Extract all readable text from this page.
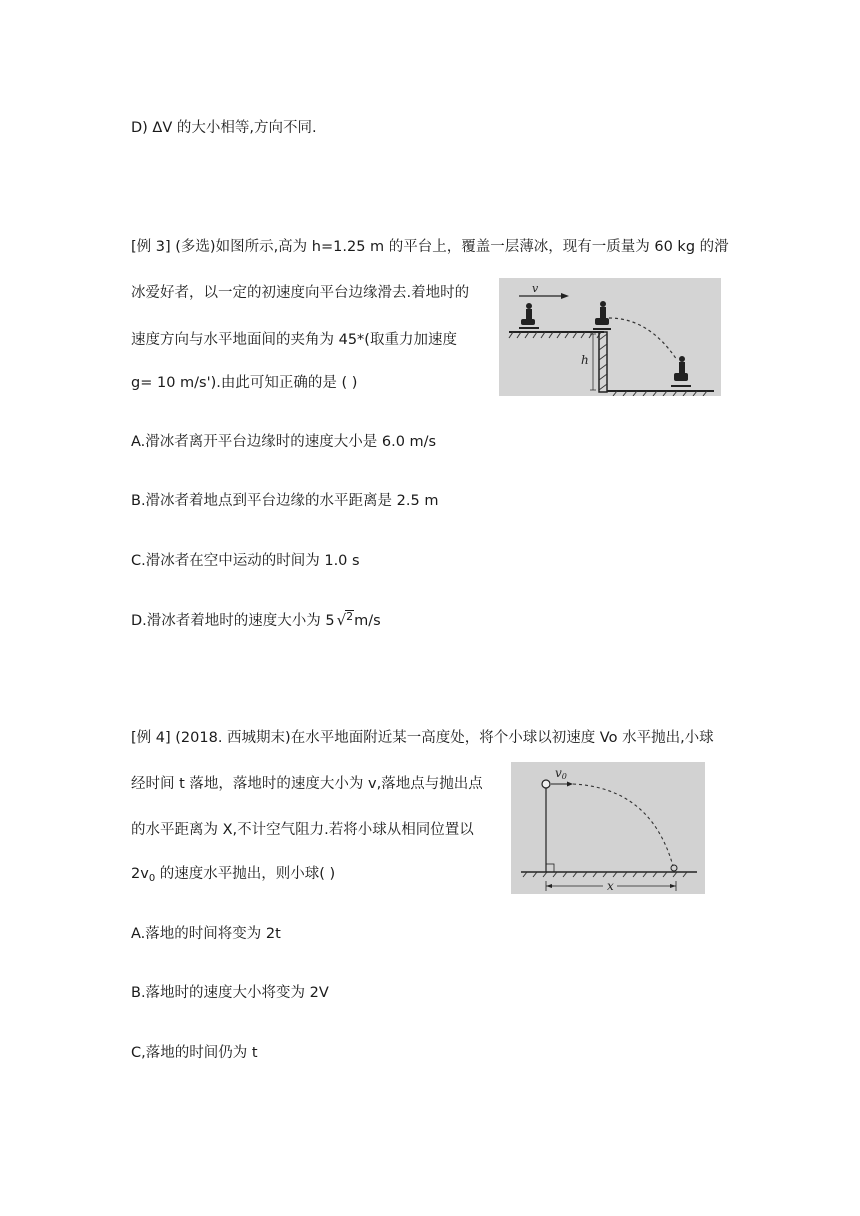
D) ΔV 的大小相等,方向不同.
[例 3] (多选)如图所示,高为 h=1.25 m 的平台上，覆盖一层薄冰，现有一质量为 60 kg 的滑
冰爱好者，以一定的初速度向平台边缘滑去.着地时的
速度方向与水平地面间的夹角为 45*(取重力加速度
g= 10 m/s').由此可知正确的是 ( )
h
v
A.滑冰者离开平台边缘时的速度大小是 6.0 m/s
B.滑冰者着地点到平台边缘的水平距离是 2.5 m
C.滑冰者在空中运动的时间为 1.0 s
D.滑冰者着地时的速度大小为 5 √2m/s
[例 4] (2018. 西城期末)在水平地面附近某一高度处，将个小球以初速度 Vo 水平抛出,小球
经时间 t 落地，落地时的速度大小为 v,落地点与抛出点
的水平距离为 X,不计空气阻力.若将小球从相同位置以
$2v_0$ 的速度水平抛出，则小球( )
v0
x
A.落地的时间将变为 2t
B.落地时的速度大小将变为 2V
C,落地的时间仍为 t
